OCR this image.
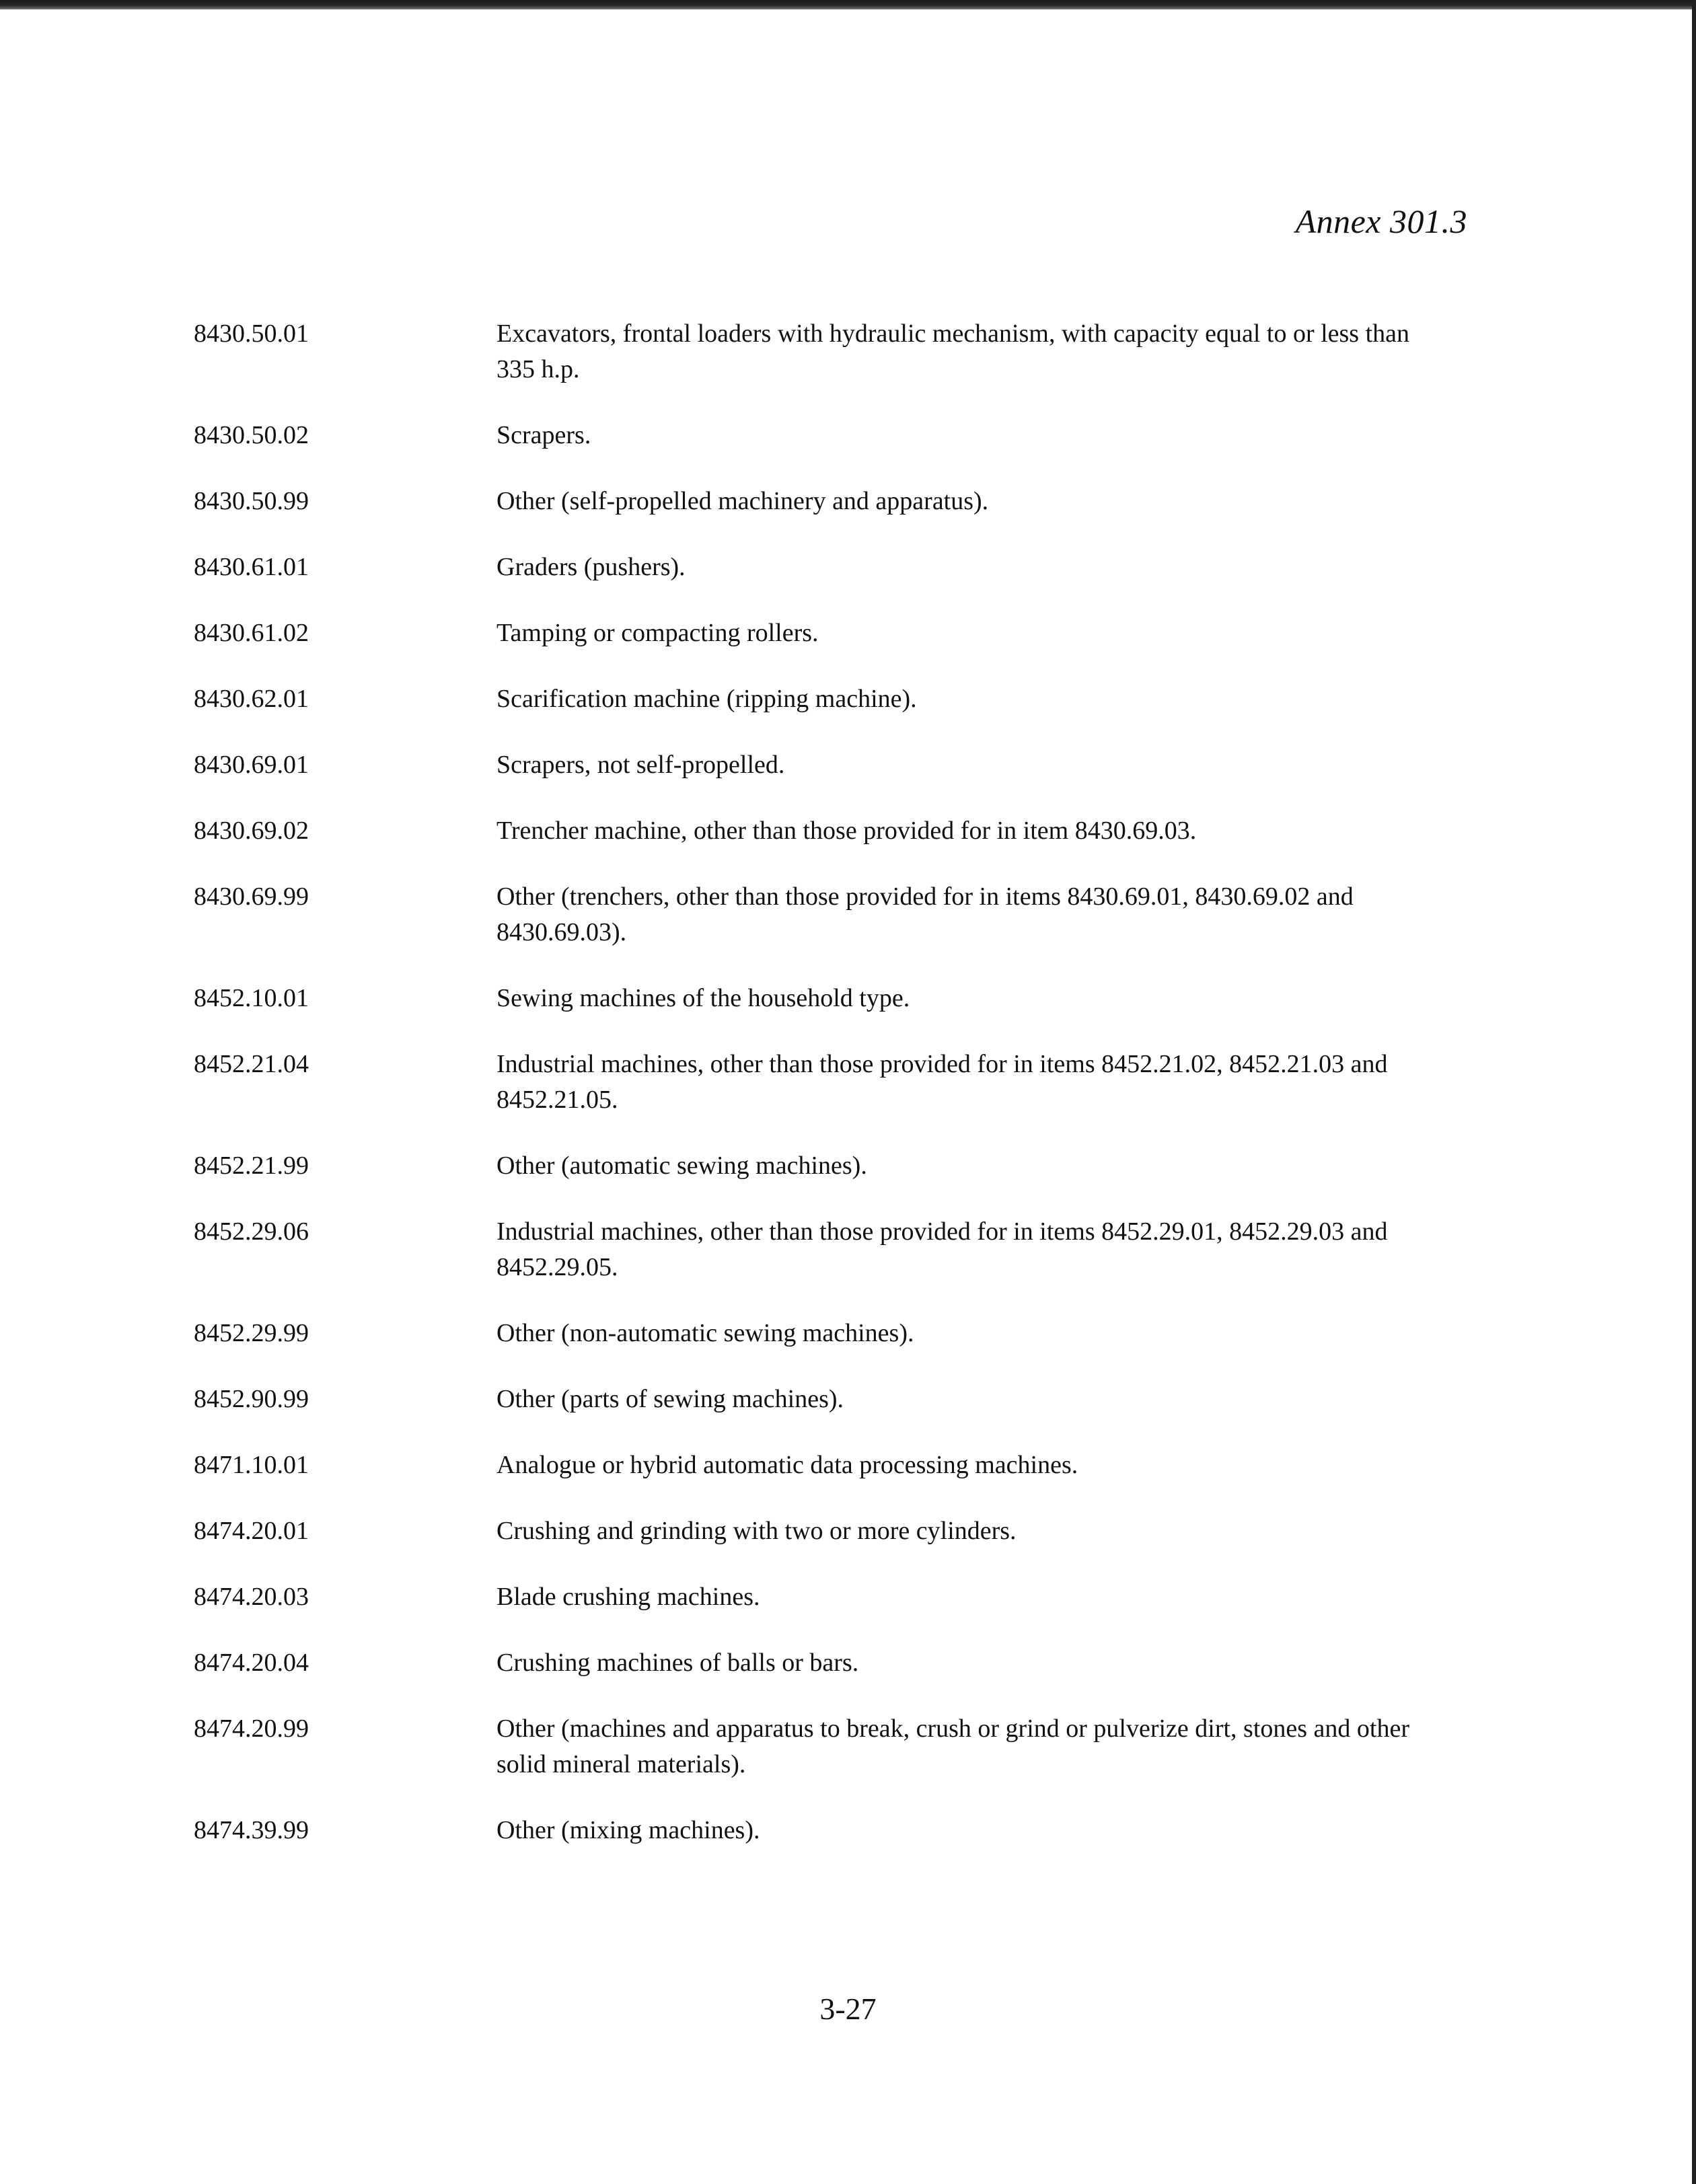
Annex 301.3
8430.50.01	Excavators, frontal loaders with hydraulic mechanism, with capacity equal to or less than 335 h.p.
8430.50.02	Scrapers.
8430.50.99	Other (self-propelled machinery and apparatus).
8430.61.01	Graders (pushers).
8430.61.02	Tamping or compacting rollers.
8430.62.01	Scarification machine (ripping machine).
8430.69.01	Scrapers, not self-propelled.
8430.69.02	Trencher machine, other than those provided for in item 8430.69.03.
8430.69.99	Other (trenchers, other than those provided for in items 8430.69.01, 8430.69.02 and 8430.69.03).
8452.10.01	Sewing machines of the household type.
8452.21.04	Industrial machines, other than those provided for in items 8452.21.02, 8452.21.03 and 8452.21.05.
8452.21.99	Other (automatic sewing machines).
8452.29.06	Industrial machines, other than those provided for in items 8452.29.01, 8452.29.03 and 8452.29.05.
8452.29.99	Other (non-automatic sewing machines).
8452.90.99	Other (parts of sewing machines).
8471.10.01	Analogue or hybrid automatic data processing machines.
8474.20.01	Crushing and grinding with two or more cylinders.
8474.20.03	Blade crushing machines.
8474.20.04	Crushing machines of balls or bars.
8474.20.99	Other (machines and apparatus to break, crush or grind or pulverize dirt, stones and other solid mineral materials).
8474.39.99	Other (mixing machines).
3-27
